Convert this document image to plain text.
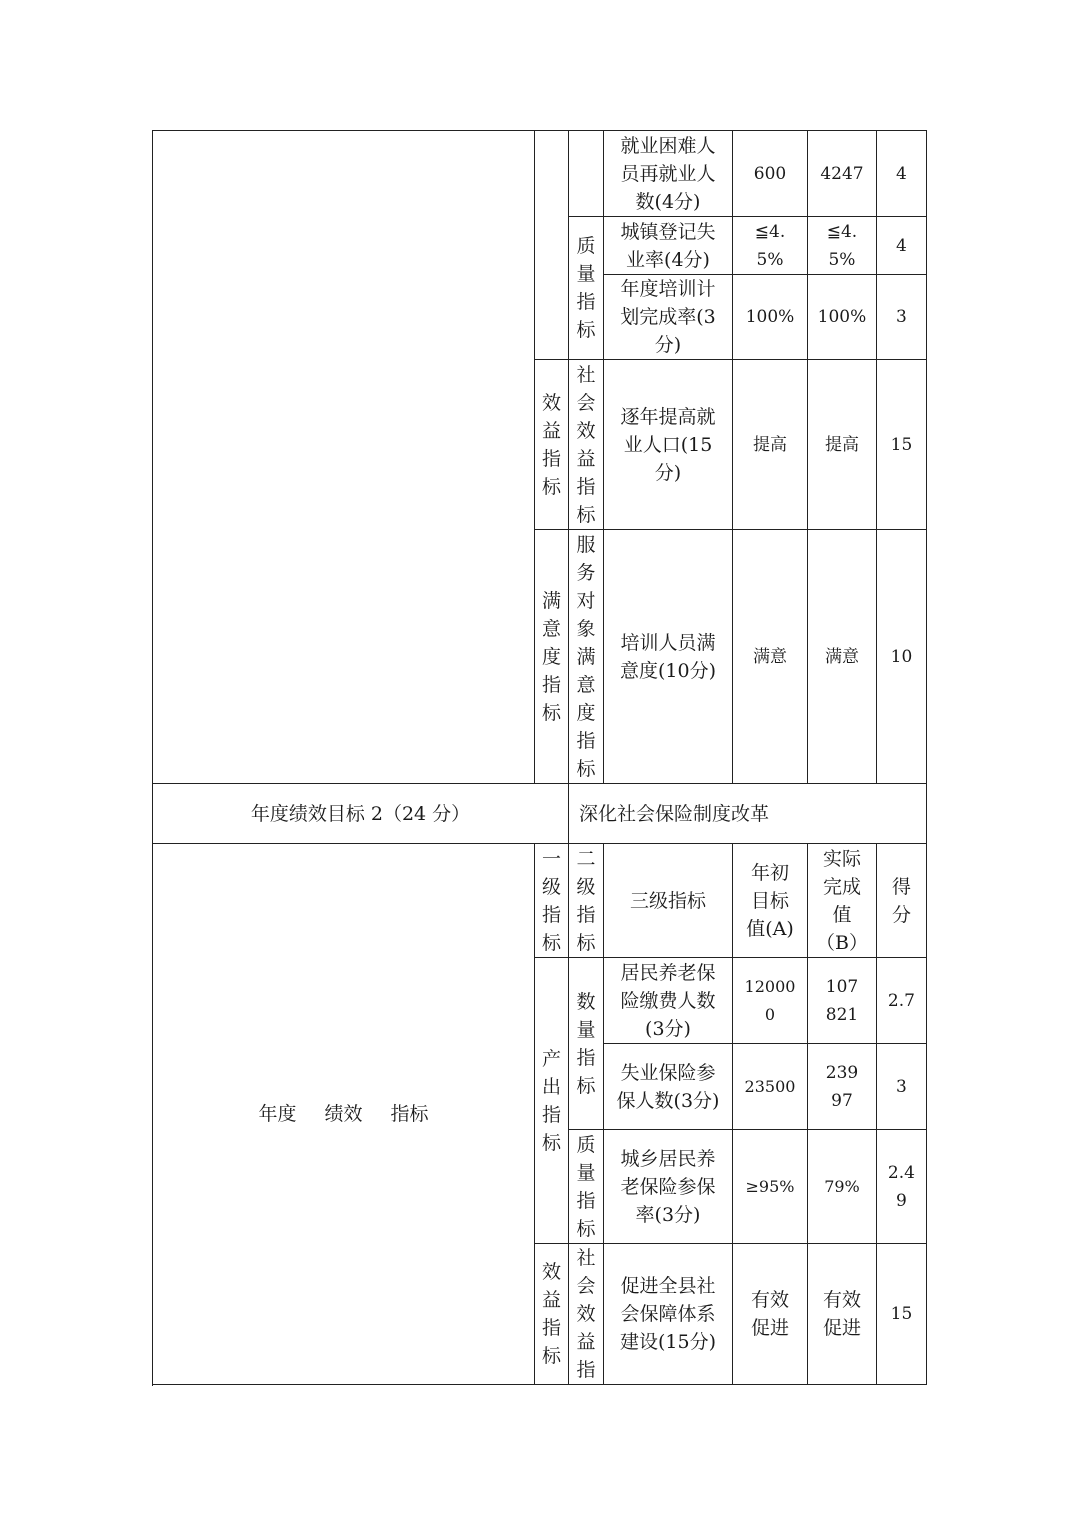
			就业困难人员再就业人数(4分)	600	4247	4

		质量指标	城镇登记失业率(4分)	≦4.5%	≦4.5%	4

			年度培训计划完成率(3分)	100%	100%	3

	效益指标	社会效益指标	逐年提高就业人口(15分)	提高	提高	15

	满意度指标	服务对象满意度指标	培训人员满意度(10分)	满意	满意	10

年度绩效目标 2（24 分）		深化社会保险制度改革				
年度 绩效 指标	一级指标	二级指标	三级指标	年初目标值(A)	实际完成值（B）	得分

	产出指标	数量指标	居民养老保险缴费人数(3分)	120000	107821	2.7

			失业保险参保人数(3分)	23500	23997	3

		质量指标	城乡居民养老保险参保率(3分)	≥95%	79%	2.49

	效益指标	社会效益指	促进全县社会保障体系建设(15分)	有效促进	有效促进	15
